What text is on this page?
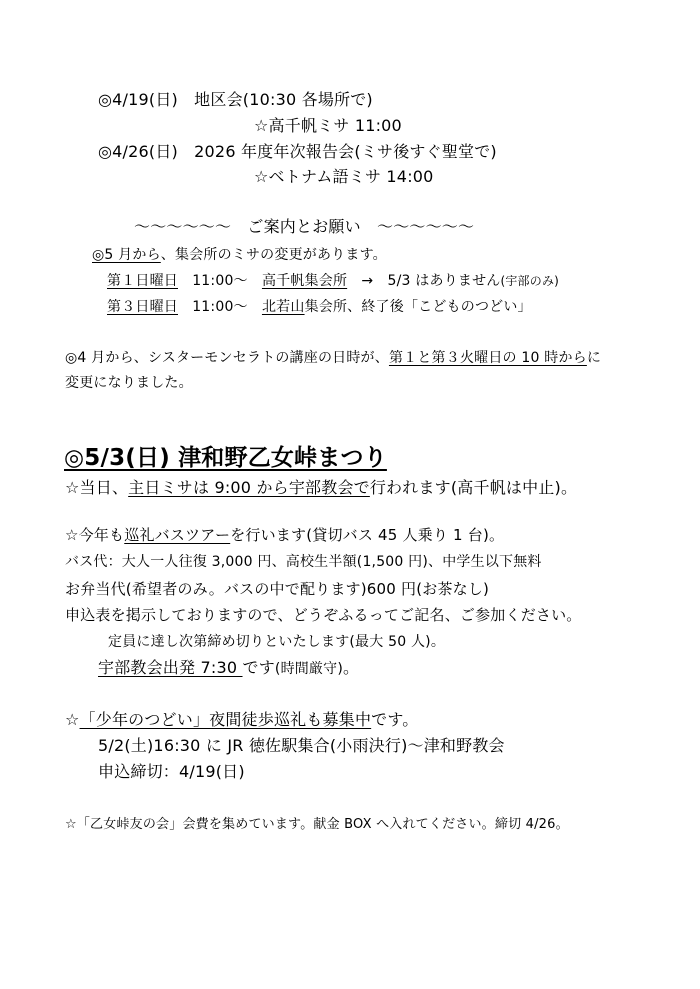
◎4/19(日)　地区会(10:30 各場所で)
☆高千帆ミサ 11:00
◎4/26(日)　2026 年度年次報告会(ミサ後すぐ聖堂で)
☆ベトナム語ミサ 14:00
～～～～～～　ご案内とお願い　～～～～～～
◎5 月から、集会所のミサの変更があります。
第１日曜日　11:00～　高千帆集会所　→　5/3 はありません(宇部のみ)
第３日曜日　11:00～　北若山集会所、終了後「こどものつどい」
◎4 月から、シスターモンセラトの講座の日時が、第１と第３火曜日の 10 時からに
変更になりました。
◎5/3(日) 津和野乙女峠まつり
☆当日、主日ミサは 9:00 から宇部教会で行われます(高千帆は中止)。
☆今年も巡礼バスツアーを行います(貸切バス 45 人乗り 1 台)。
バス代：大人一人往復 3,000 円、高校生半額(1,500 円)、中学生以下無料
お弁当代(希望者のみ。バスの中で配ります)600 円(お茶なし)
申込表を掲示しておりますので、どうぞふるってご記名、ご参加ください。
定員に達し次第締め切りといたします(最大 50 人)。
宇部教会出発 7:30 です(時間厳守)。
☆「少年のつどい」夜間徒歩巡礼も募集中です。
5/2(土)16:30 に JR 徳佐駅集合(小雨決行)～津和野教会
申込締切：4/19(日)
☆「乙女峠友の会」会費を集めています。献金 BOX へ入れてください。締切 4/26。
